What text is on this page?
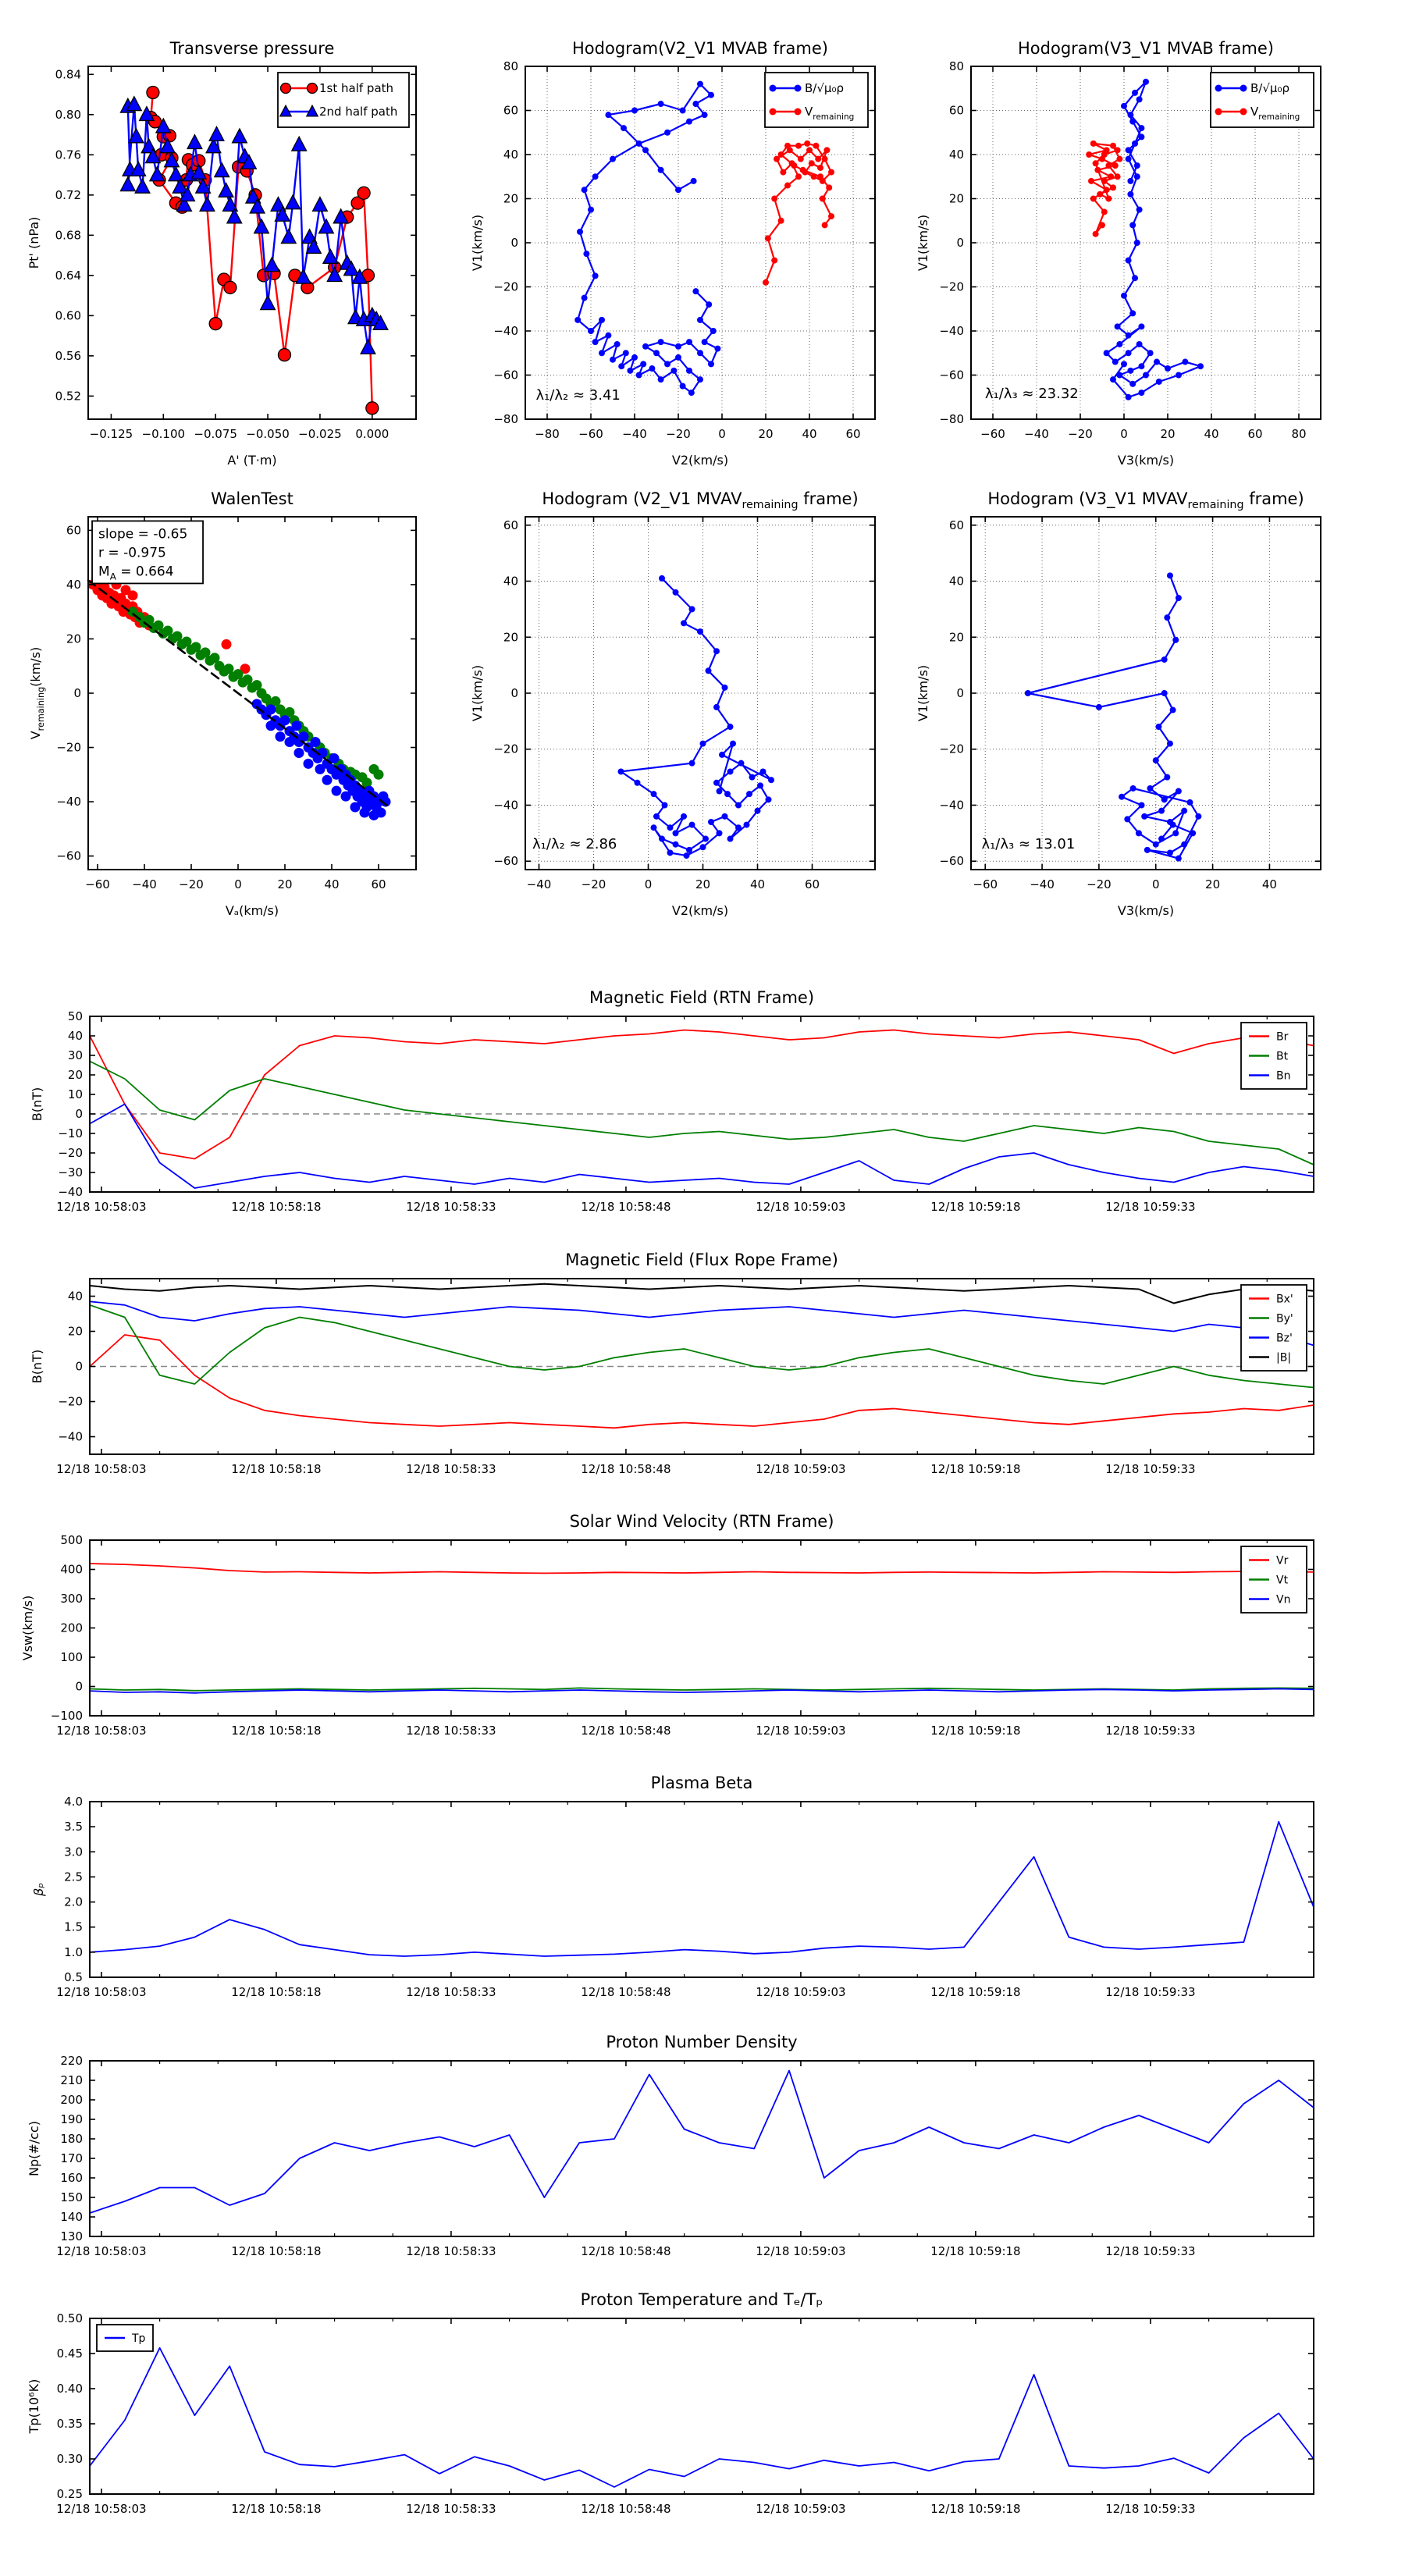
Transverse pressure	Hodogram(V2_V1 MVAB frame)	Hodogram(V3_V1 MVAB frame)
WalenTest	Hodogram (V2_V1 $MVAV_{remaining}$ frame)	Hodogram (V3_V1 $MVAV_{remaining}$ frame)
Magnetic Field (RTN Frame)
Magnetic Field (Flux Rope Frame)
Solar Wind Velocity (RTN Frame)
Plasma Beta
Proton Number Density
Proton Temperature and Tₑ/Tₚ
−0.125 −0.100 −0.075 −0.050 −0.025 0.000
0.52
0.56
0.60
0.64
0.68
0.72
0.76
0.80
0.84
A' (T·m)
Pt' (nPa)
1st half path
2nd half path
−80 −60 −40 −20 0	20 40 60
−80
−60
−40
−20
0
20
40
60
80
V2(km/s)
V1(km/s)
λ₁/λ₂ ≈ 3.41
B/√μ₀ρ
$V_{remaining}$
−60 −40 −20 0	20 40 60 80
−80
−60
−40
−20
0
20
40
60
80
V3(km/s)
V1(km/s)
λ₁/λ₃ ≈ 23.32
B/√μ₀ρ
$V_{remaining}$
−60 −40 −20	0	20	40	60
−60
−40
−20
0
20
40
60
Vₐ(km/s)
$V_{remaining}(km/s)$
slope = -0.65
r = -0.975
$M_A = 0.664$
−40	−20	0	20	40	60
−60
−40
−20
0
20
40
60
V2(km/s)
V1(km/s)
λ₁/λ₂ ≈ 2.86
−60	−40	−20	0	20	40
−60
−40
−20
0
20
40
60
V3(km/s)
V1(km/s)
λ₁/λ₃ ≈ 13.01
12/18 10:58:03	12/18 10:58:18	12/18 10:58:33	12/18 10:58:48	12/18 10:59:03	12/18 10:59:18	12/18 10:59:33
−40
−30
−20
−10
0
10
20
30
40
50
B(nT)
Br
Bt
Bn
12/18 10:58:03	12/18 10:58:18	12/18 10:58:33	12/18 10:58:48	12/18 10:59:03	12/18 10:59:18	12/18 10:59:33
−40
−20
0
20
40
B(nT)
Bx'
By'
Bz'
|B|
12/18 10:58:03	12/18 10:58:18	12/18 10:58:33	12/18 10:58:48	12/18 10:59:03	12/18 10:59:18	12/18 10:59:33
−100
0
100
200
300
400
500
Vsw(km/s)
Vr
Vt
Vn
12/18 10:58:03	12/18 10:58:18	12/18 10:58:33	12/18 10:58:48	12/18 10:59:03	12/18 10:59:18	12/18 10:59:33
0.5
1.0
1.5
2.0
2.5
3.0
3.5
4.0
βₚ
12/18 10:58:03	12/18 10:58:18	12/18 10:58:33	12/18 10:58:48	12/18 10:59:03	12/18 10:59:18	12/18 10:59:33
130
140
150
160
170
180
190
200
210
220
Np(#/cc)
12/18 10:58:03	12/18 10:58:18	12/18 10:58:33	12/18 10:58:48	12/18 10:59:03	12/18 10:59:18	12/18 10:59:33
0.25
0.30
0.35
0.40
0.45
0.50
Tp(10⁶K)
Tp
